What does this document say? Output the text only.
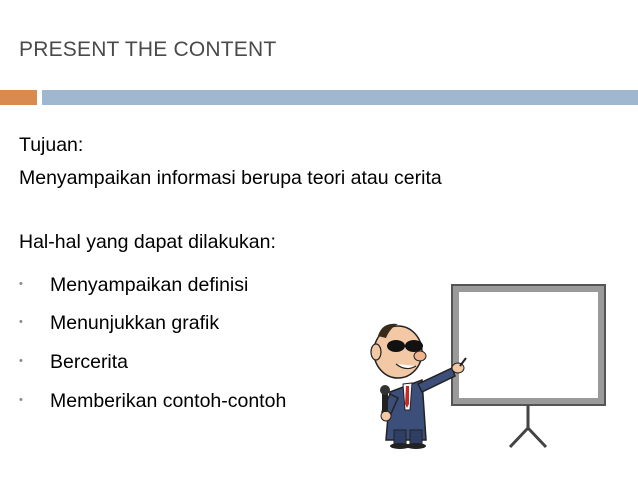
PRESENT THE CONTENT
Tujuan:
Menyampaikan informasi berupa teori atau cerita
Hal-hal yang dapat dilakukan:
• Menyampaikan definisi
• Menunjukkan grafik
• Bercerita
• Memberikan contoh-contoh
